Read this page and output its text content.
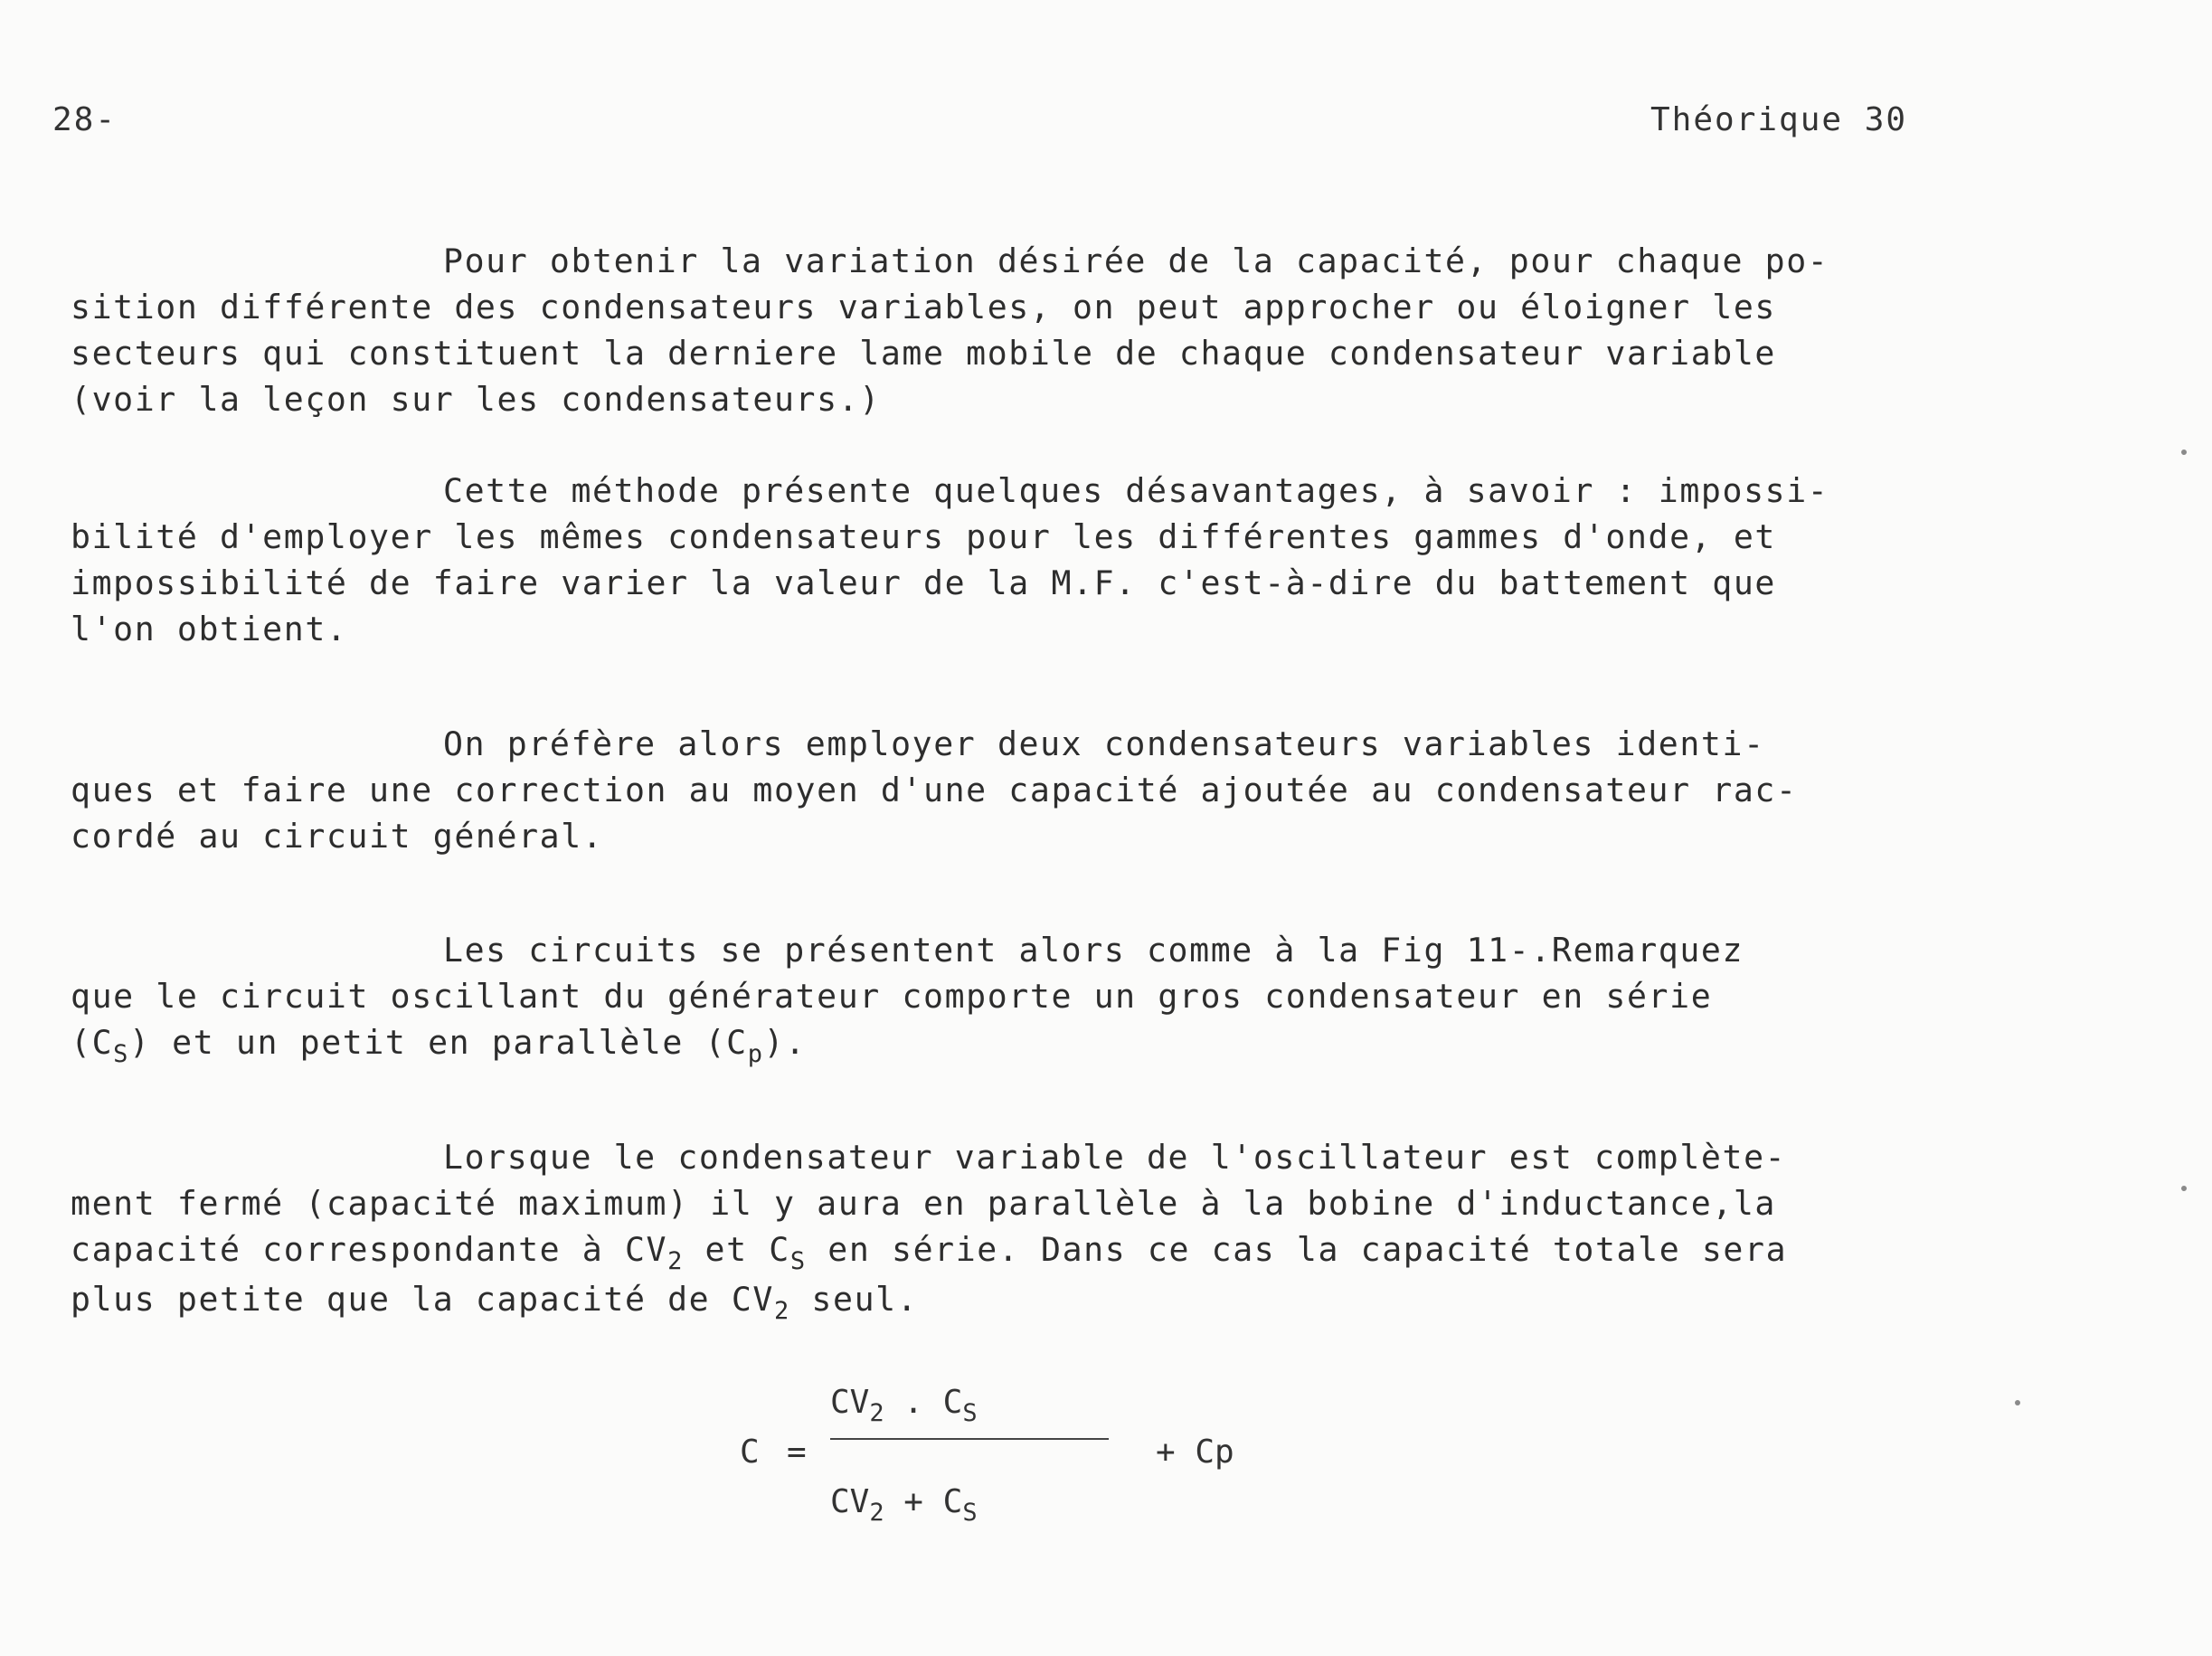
28-	Théorique 30
Pour obtenir la variation désirée de la capacité, pour chaque po-
sition différente des condensateurs variables, on peut approcher ou éloigner les
secteurs qui constituent la derniere lame mobile de chaque condensateur variable
(voir la leçon sur les condensateurs.)
Cette méthode présente quelques désavantages, à savoir : impossi-
bilité d'employer les mêmes condensateurs pour les différentes gammes d'onde, et
impossibilité de faire varier la valeur de la M.F. c'est-à-dire du battement que
l'on obtient.
On préfère alors employer deux condensateurs variables identi-
ques et faire une correction au moyen d'une capacité ajoutée au condensateur rac-
cordé au circuit général.
Les circuits se présentent alors comme à la Fig 11-.Remarquez
que le circuit oscillant du générateur comporte un gros condensateur en série
$(C_S)$ et un petit en parallèle $(C_p)$.
Lorsque le condensateur variable de l'oscillateur est complète-
ment fermé (capacité maximum) il y aura en parallèle à la bobine d'inductance,la
capacité correspondante à $CV_2$ et $C_S$ en série. Dans ce cas la capacité totale sera
plus petite que la capacité de $CV_2$ seul.
C =
$CV_2$ . $C_S$
$CV_2 + C_S$
+ Cp
